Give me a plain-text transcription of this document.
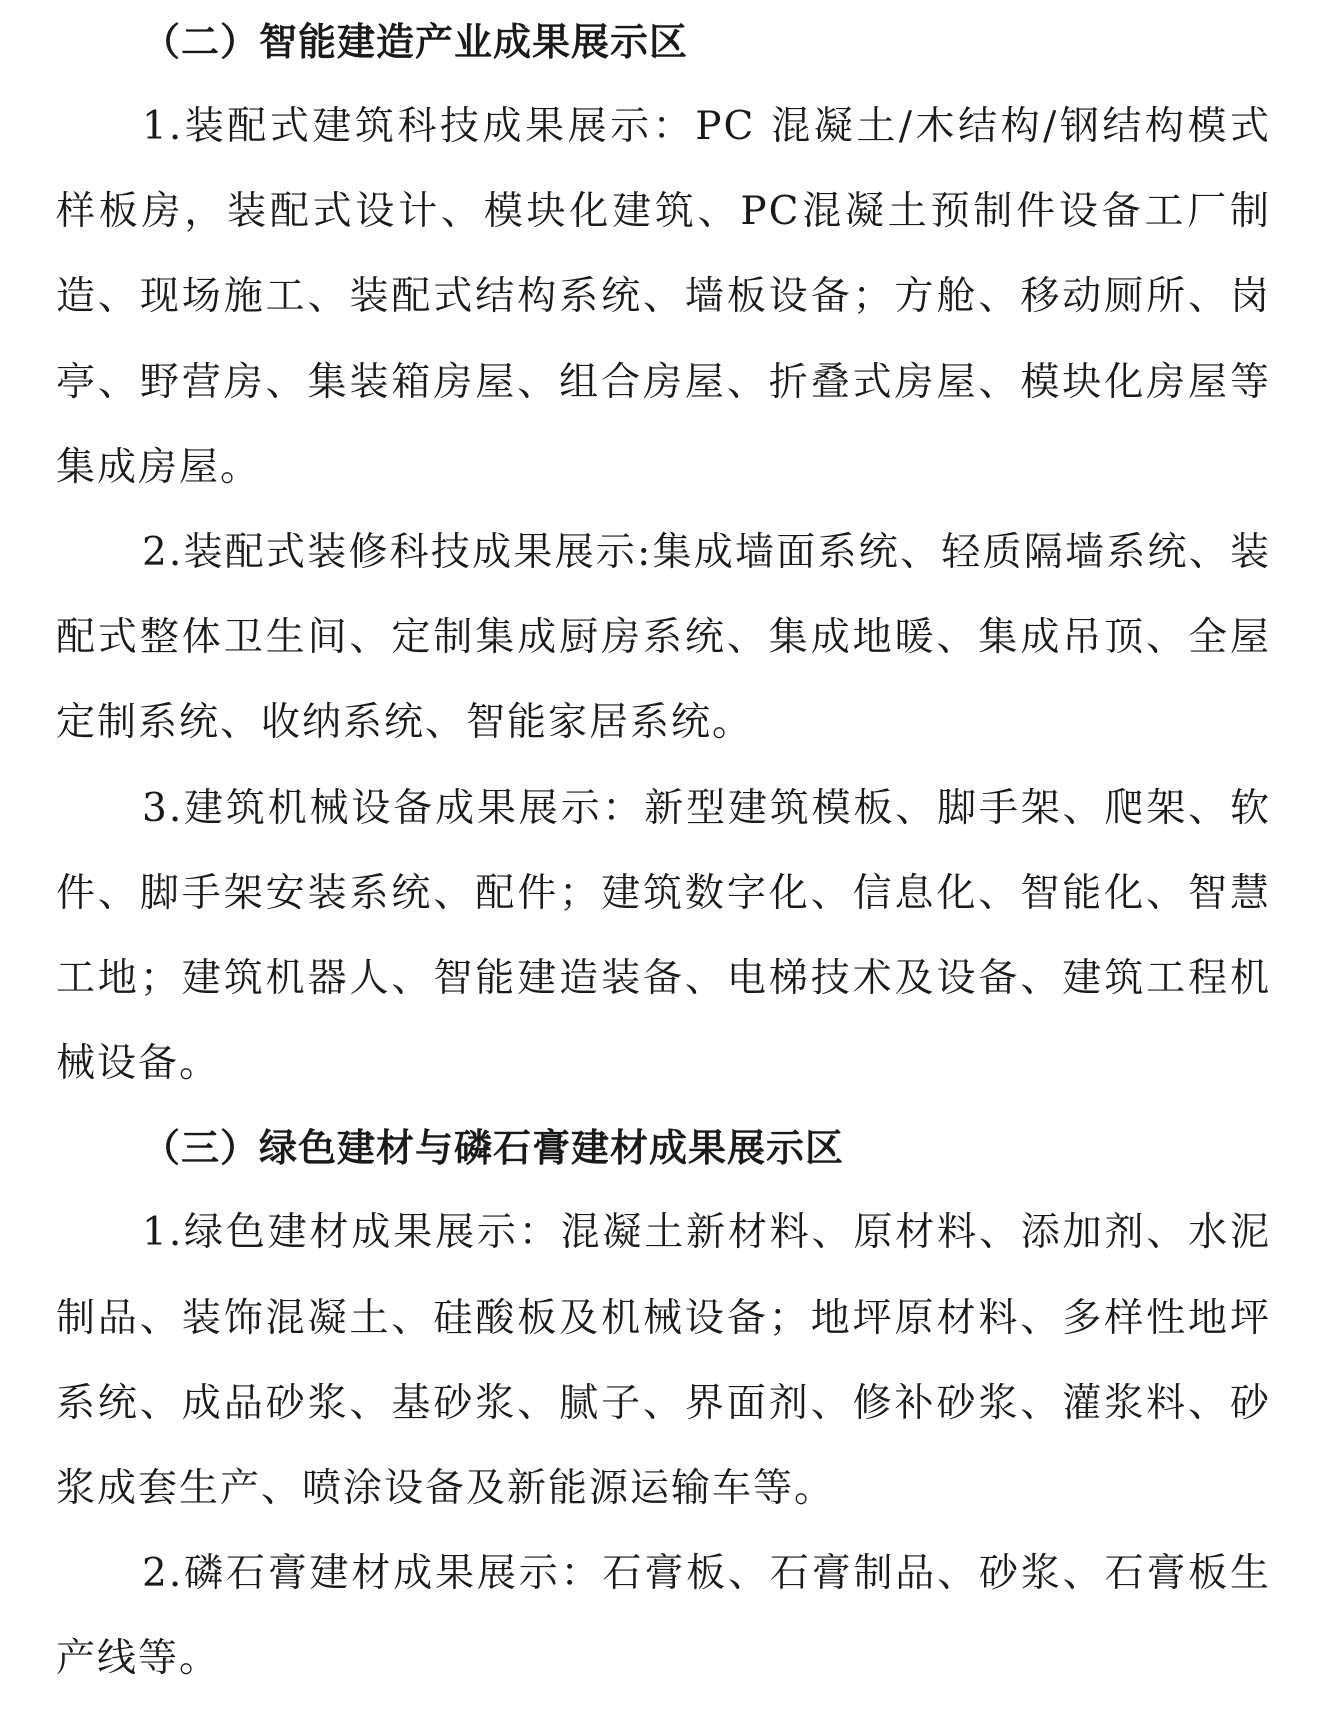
（二）智能建造产业成果展示区

1.装配式建筑科技成果展示：PC 混凝土/木结构/钢结构模式样板房，装配式设计、模块化建筑、PC混凝土预制件设备工厂制造、现场施工、装配式结构系统、墙板设备；方舱、移动厕所、岗亭、野营房、集装箱房屋、组合房屋、折叠式房屋、模块化房屋等集成房屋。

2.装配式装修科技成果展示:集成墙面系统、轻质隔墙系统、装配式整体卫生间、定制集成厨房系统、集成地暖、集成吊顶、全屋定制系统、收纳系统、智能家居系统。

3.建筑机械设备成果展示：新型建筑模板、脚手架、爬架、软件、脚手架安装系统、配件；建筑数字化、信息化、智能化、智慧工地；建筑机器人、智能建造装备、电梯技术及设备、建筑工程机械设备。

（三）绿色建材与磷石膏建材成果展示区

1.绿色建材成果展示：混凝土新材料、原材料、添加剂、水泥制品、装饰混凝土、硅酸板及机械设备；地坪原材料、多样性地坪系统、成品砂浆、基砂浆、腻子、界面剂、修补砂浆、灌浆料、砂浆成套生产、喷涂设备及新能源运输车等。

2.磷石膏建材成果展示：石膏板、石膏制品、砂浆、石膏板生产线等。
